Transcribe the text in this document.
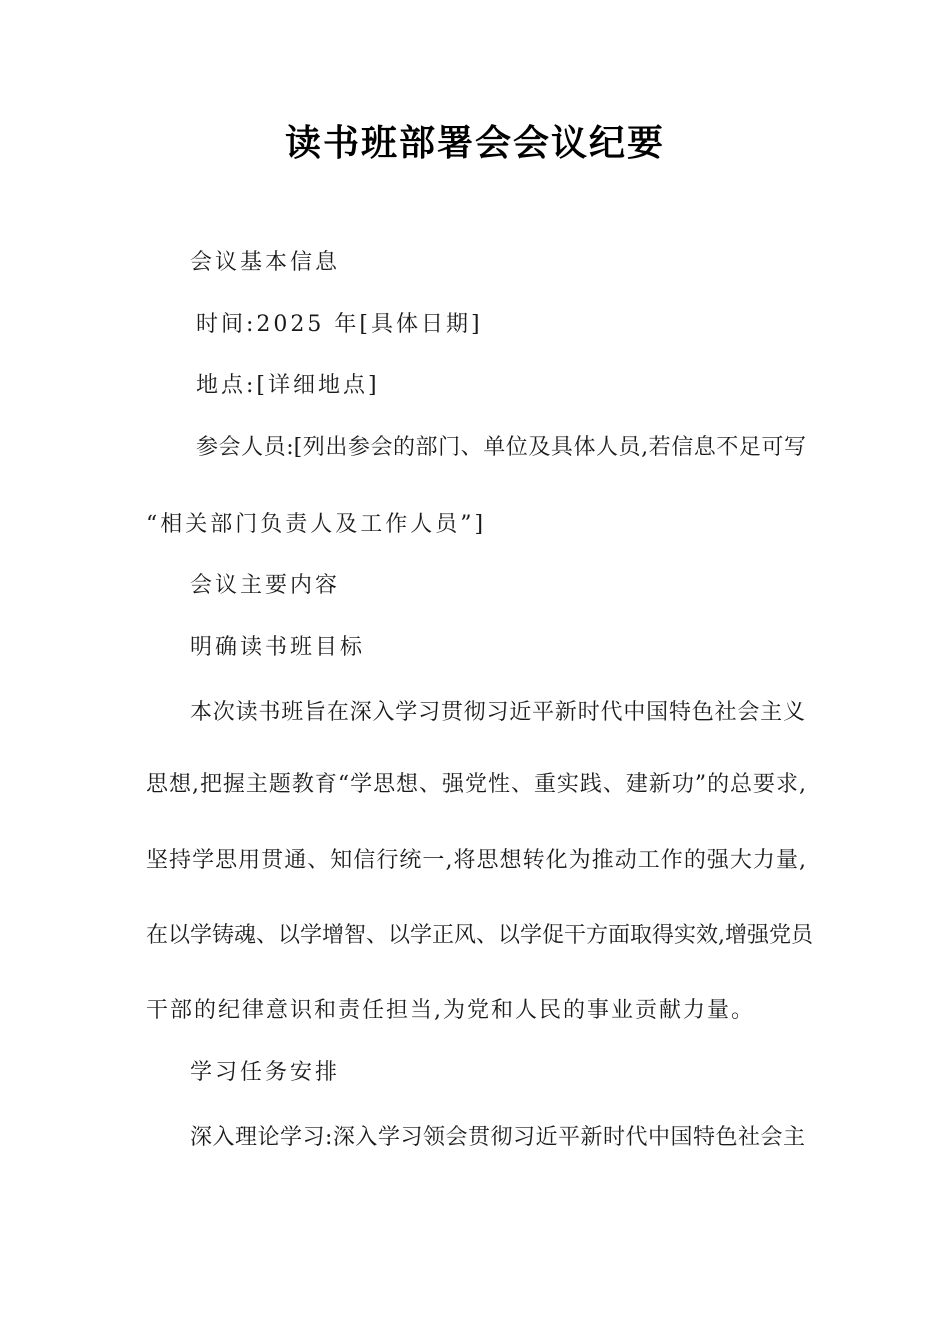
读书班部署会会议纪要
会议基本信息
时间:2025 年[具体日期]
地点:[详细地点]
参会人员:[列出参会的部门、单位及具体人员,若信息不足可写
“相关部门负责人及工作人员”]
会议主要内容
明确读书班目标
本次读书班旨在深入学习贯彻习近平新时代中国特色社会主义
思想,把握主题教育“学思想、强党性、重实践、建新功”的总要求,
坚持学思用贯通、知信行统一,将思想转化为推动工作的强大力量,
在以学铸魂、以学增智、以学正风、以学促干方面取得实效,增强党员
干部的纪律意识和责任担当,为党和人民的事业贡献力量。
学习任务安排
深入理论学习:深入学习领会贯彻习近平新时代中国特色社会主
